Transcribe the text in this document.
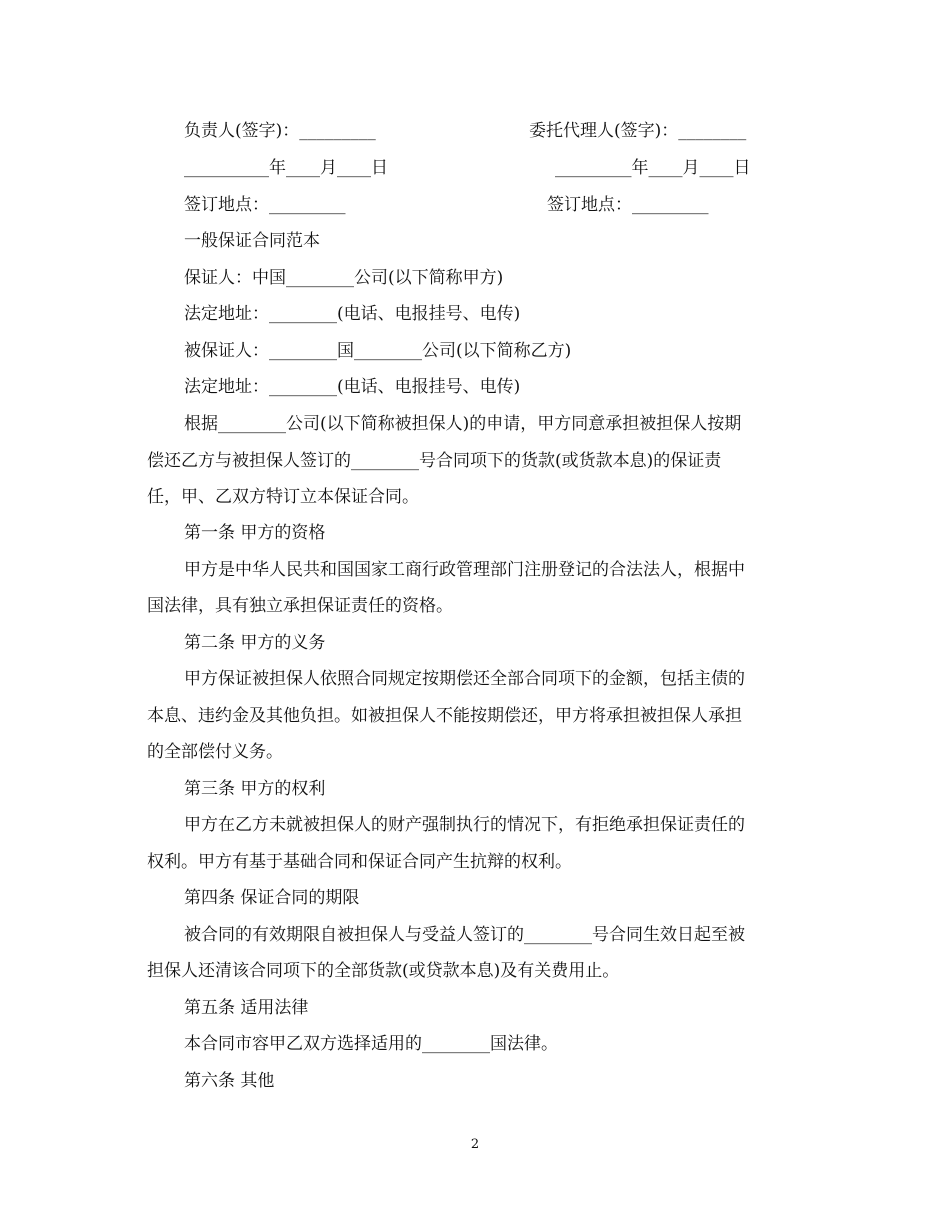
负责人(签字)：_________	委托代理人(签字)：________
__________年____月____日	_________年____月____日
签订地点：_________	签订地点：_________
一般保证合同范本
保证人：中国________公司(以下简称甲方)
法定地址：________(电话、电报挂号、电传)
被保证人：________国________公司(以下简称乙方)
法定地址：________(电话、电报挂号、电传)
根据________公司(以下简称被担保人)的申请，甲方同意承担被担保人按期
偿还乙方与被担保人签订的________号合同项下的货款(或货款本息)的保证责
任，甲、乙双方特订立本保证合同。
第一条 甲方的资格
甲方是中华人民共和国国家工商行政管理部门注册登记的合法法人，根据中
国法律，具有独立承担保证责任的资格。
第二条 甲方的义务
甲方保证被担保人依照合同规定按期偿还全部合同项下的金额，包括主债的
本息、违约金及其他负担。如被担保人不能按期偿还，甲方将承担被担保人承担
的全部偿付义务。
第三条 甲方的权利
甲方在乙方未就被担保人的财产强制执行的情况下，有拒绝承担保证责任的
权利。甲方有基于基础合同和保证合同产生抗辩的权利。
第四条 保证合同的期限
被合同的有效期限自被担保人与受益人签订的________号合同生效日起至被
担保人还清该合同项下的全部货款(或贷款本息)及有关费用止。
第五条 适用法律
本合同市容甲乙双方选择适用的________国法律。
第六条 其他
2
